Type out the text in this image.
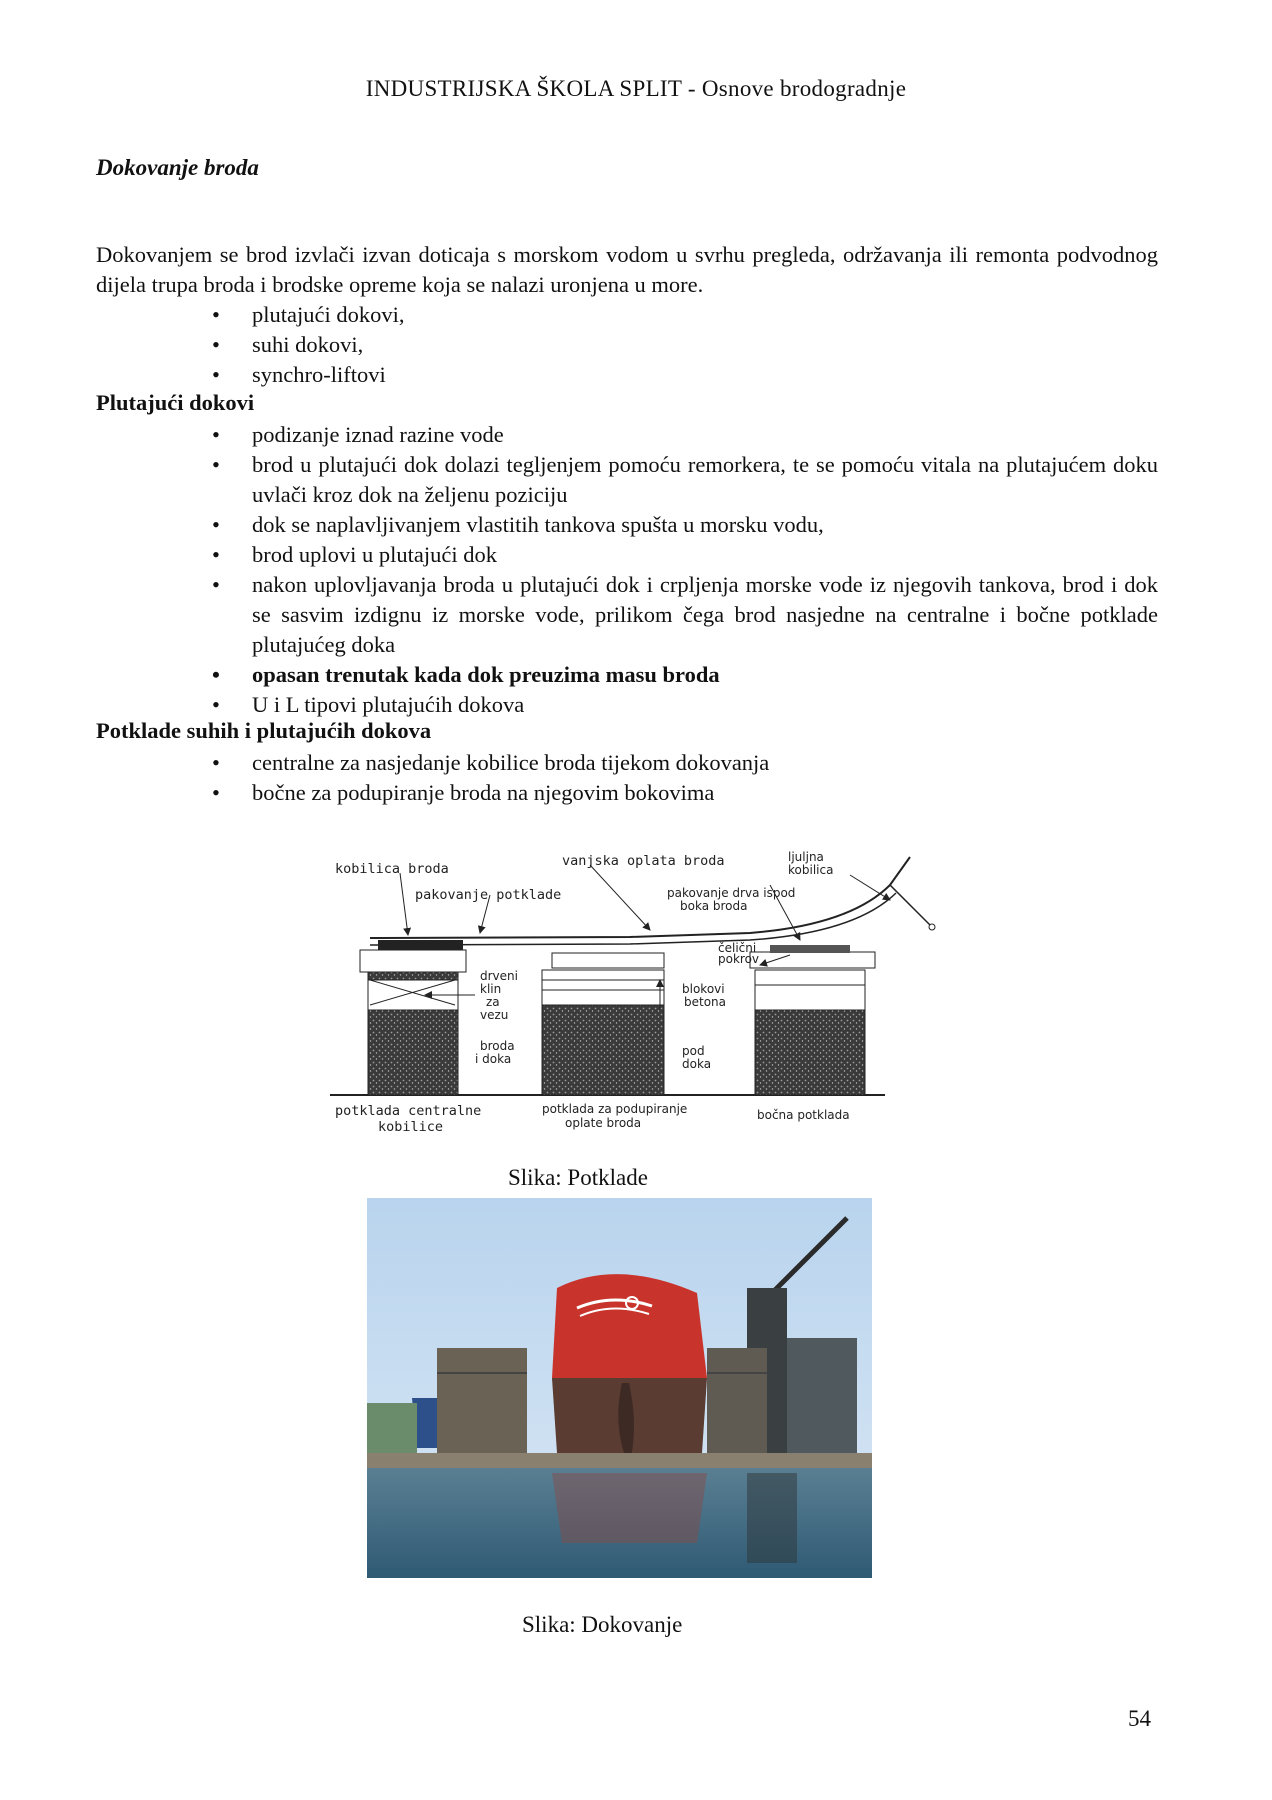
INDUSTRIJSKA ŠKOLA SPLIT - Osnove brodogradnje
Dokovanje broda
Dokovanjem se brod izvlači izvan doticaja s morskom vodom u svrhu pregleda, održavanja ili remonta podvodnog dijela trupa broda i brodske opreme koja se nalazi uronjena u more.
• plutajući dokovi,
• suhi dokovi,
• synchro-liftovi
Plutajući dokovi
• podizanje iznad razine vode
• brod u plutajući dok dolazi tegljenjem pomoću remorkera, te se pomoću vitala na plutajućem doku uvlači kroz dok na željenu poziciju
• dok se naplavljivanjem vlastitih tankova spušta u morsku vodu,
• brod uplovi u plutajući dok
• nakon uplovljavanja broda u plutajući dok i crpljenja morske vode iz njegovih tankova, brod i dok se sasvim izdignu iz morske vode, prilikom čega brod nasjedne na centralne i bočne potklade plutajućeg doka
• opasan trenutak kada dok preuzima masu broda
• U i L tipovi plutajućih dokova
Potklade suhih i plutajućih dokova
• centralne za nasjedanje kobilice broda tijekom dokovanja
• bočne za podupiranje broda na njegovim bokovima
kobilica broda	vanjska oplata broda	ljuljna
kobilica
pakovanje potklade	pakovanje drva ispod
boka broda
čelični
pokrov
drveni
klin
za
vezu
broda
i doka
blokovi
betona
pod
doka
potklada centralne
kobilice
potklada za podupiranje
oplate broda
bočna potklada
Slika: Potklade
Slika: Dokovanje
54
